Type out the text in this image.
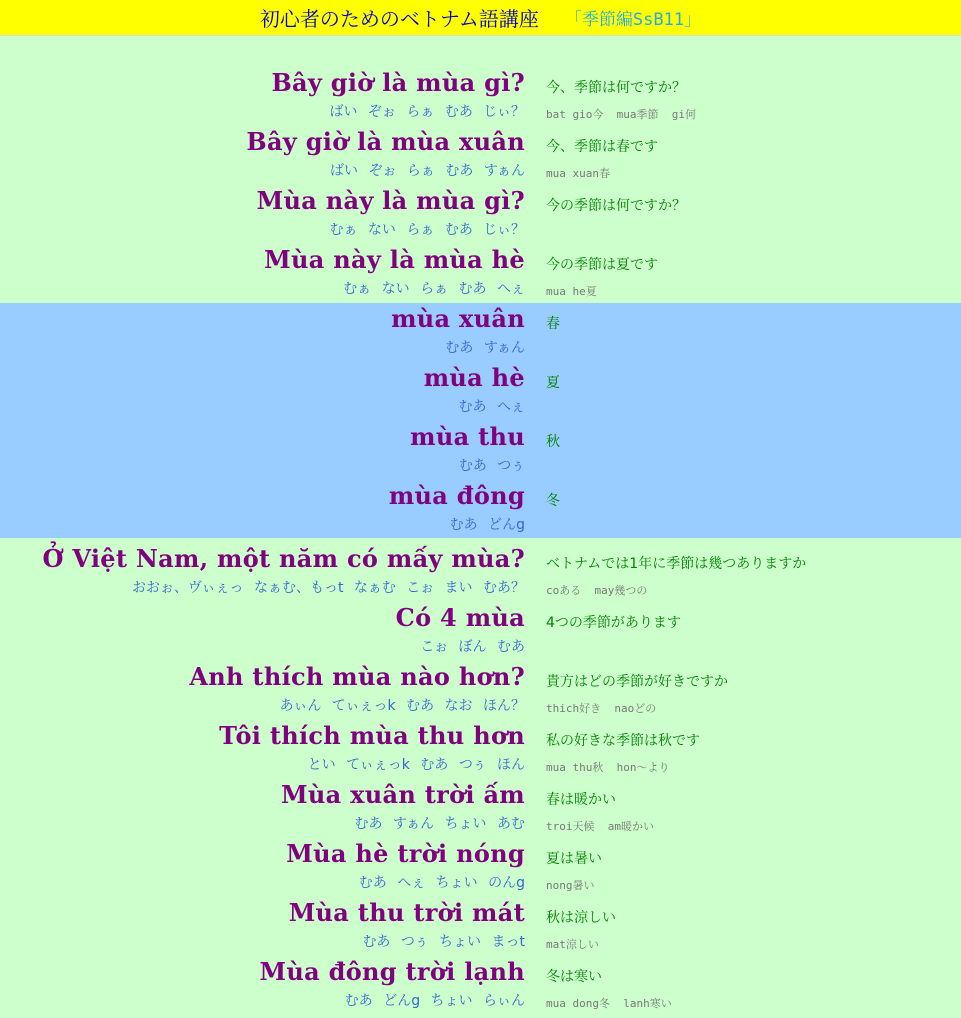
初心者のためのベトナム語講座 「季節編SsB11」
Bây giờ là mùa gì? 今、季節は何ですか？
ばい ぞぉ らぁ むあ じぃ？ bat gio今  mua季節  gi何
Bây giờ là mùa xuân 今、季節は春です
ばい ぞぉ らぁ むあ すぁん mua xuan春
Mùa này là mùa gì? 今の季節は何ですか？
むぁ ない らぁ むあ じぃ？
Mùa này là mùa hè 今の季節は夏です
むぁ ない らぁ むあ へぇ mua he夏
mùa xuân 春
むあ すぁん
mùa hè 夏
むあ へぇ
mùa thu 秋
むあ つぅ
mùa đông 冬
むあ どんg
Ở Việt Nam, một năm có mấy mùa? ベトナムでは1年に季節は幾つありますか
おおぉ、ヴぃぇっ なぁむ、もっt なぁむ こぉ まい むあ？ coある  may幾つの
Có 4 mùa 4つの季節があります
こぉ ぼん むあ
Anh thích mùa nào hơn? 貴方はどの季節が好きですか
あぃん てぃぇっk むあ なお ほん？ thich好き  naoどの
Tôi thích mùa thu hơn 私の好きな季節は秋です
とい てぃぇっk むあ つぅ ほん mua thu秋  hon～より
Mùa xuân trời ấm 春は暖かい
むあ すぁん ちょい あむ troi天候  am暖かい
Mùa hè trời nóng 夏は暑い
むあ へぇ ちょい のんg nong暑い
Mùa thu trời mát 秋は涼しい
むあ つぅ ちょい まっt mat涼しい
Mùa đông trời lạnh 冬は寒い
むあ どんg ちょい らぃん mua dong冬  lanh寒い
